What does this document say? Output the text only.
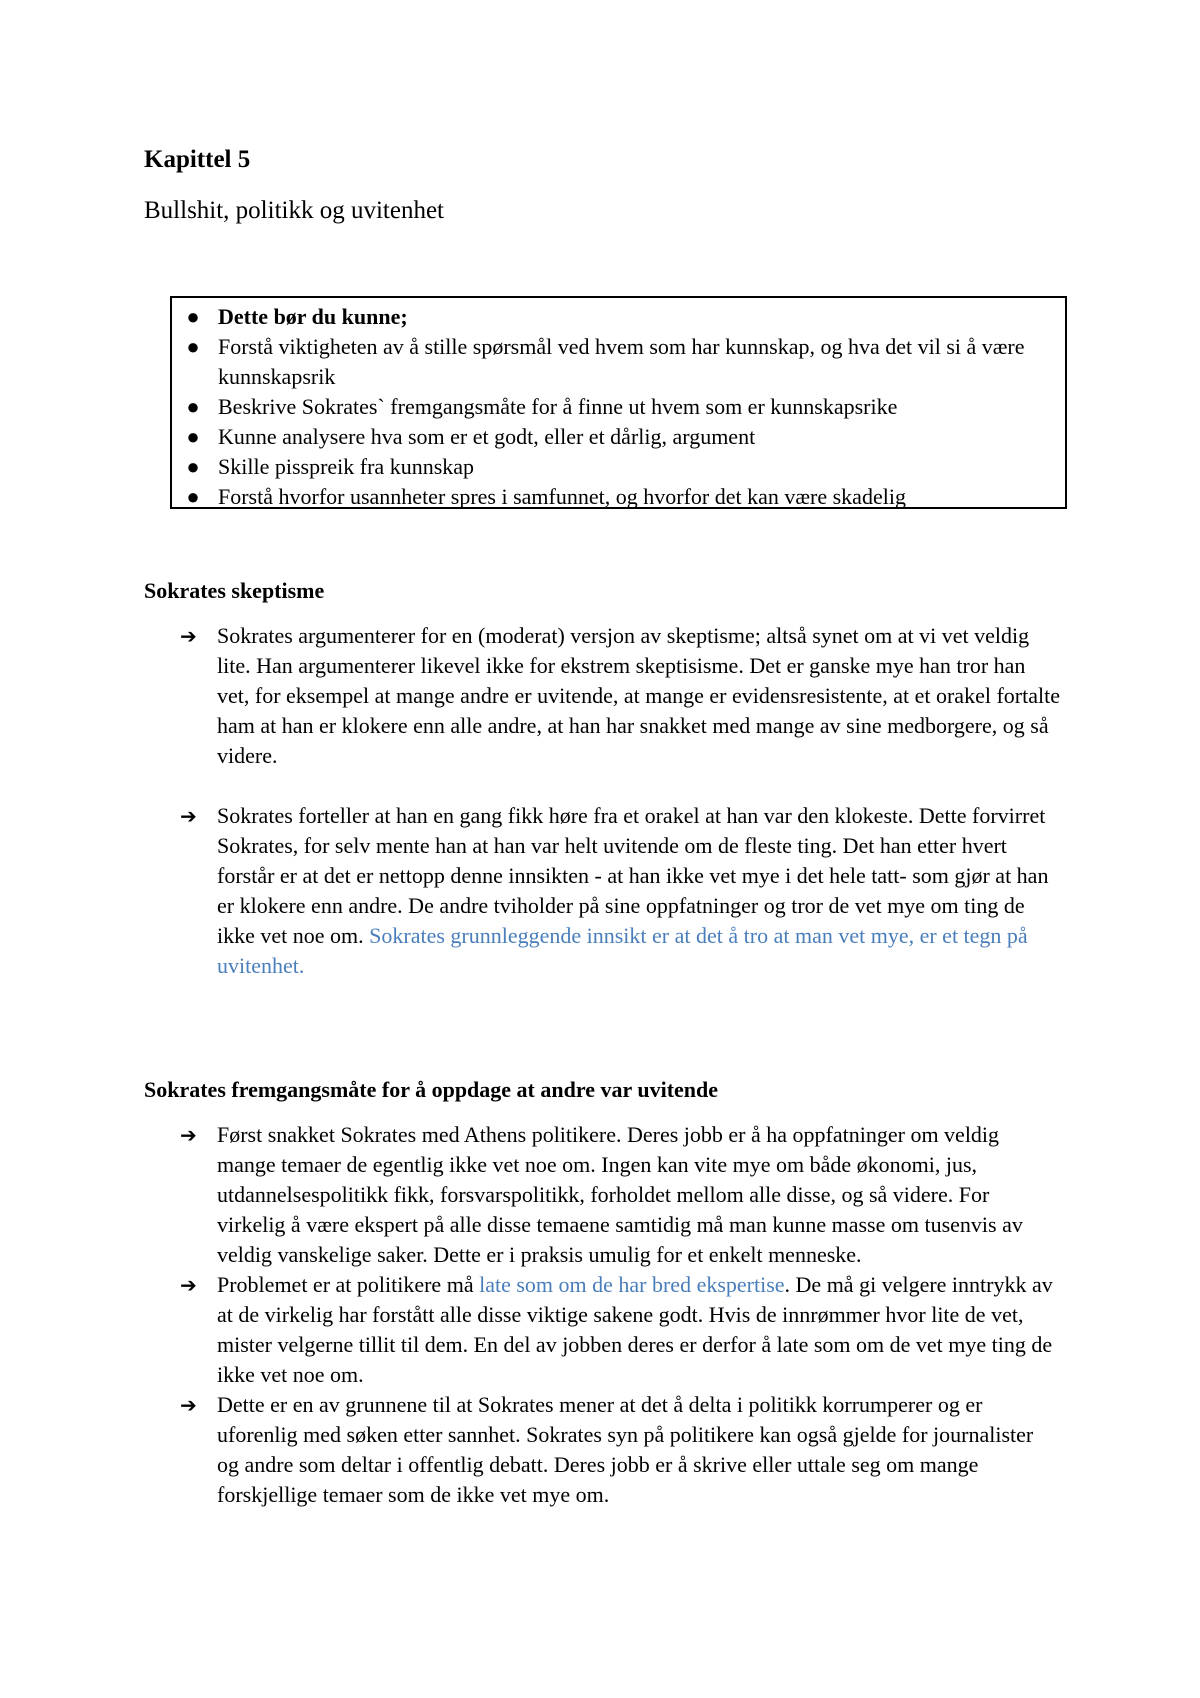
Kapittel 5
Bullshit, politikk og uvitenhet
● Dette bør du kunne;
● Forstå viktigheten av å stille spørsmål ved hvem som har kunnskap, og hva det vil si å være kunnskapsrik
● Beskrive Sokrates` fremgangsmåte for å finne ut hvem som er kunnskapsrike
● Kunne analysere hva som er et godt, eller et dårlig, argument
● Skille pisspreik fra kunnskap
● Forstå hvorfor usannheter spres i samfunnet, og hvorfor det kan være skadelig
Sokrates skeptisme
➔ Sokrates argumenterer for en (moderat) versjon av skeptisme; altså synet om at vi vet veldig lite. Han argumenterer likevel ikke for ekstrem skeptisisme. Det er ganske mye han tror han vet, for eksempel at mange andre er uvitende, at mange er evidensresistente, at et orakel fortalte ham at han er klokere enn alle andre, at han har snakket med mange av sine medborgere, og så videre.
➔ Sokrates forteller at han en gang fikk høre fra et orakel at han var den klokeste. Dette forvirret Sokrates, for selv mente han at han var helt uvitende om de fleste ting. Det han etter hvert forstår er at det er nettopp denne innsikten - at han ikke vet mye i det hele tatt- som gjør at han er klokere enn andre. De andre tviholder på sine oppfatninger og tror de vet mye om ting de ikke vet noe om. Sokrates grunnleggende innsikt er at det å tro at man vet mye, er et tegn på uvitenhet.
Sokrates fremgangsmåte for å oppdage at andre var uvitende
➔ Først snakket Sokrates med Athens politikere. Deres jobb er å ha oppfatninger om veldig mange temaer de egentlig ikke vet noe om. Ingen kan vite mye om både økonomi, jus, utdannelsespolitikk fikk, forsvarspolitikk, forholdet mellom alle disse, og så videre. For virkelig å være ekspert på alle disse temaene samtidig må man kunne masse om tusenvis av veldig vanskelige saker. Dette er i praksis umulig for et enkelt menneske.
➔ Problemet er at politikere må late som om de har bred ekspertise. De må gi velgere inntrykk av at de virkelig har forstått alle disse viktige sakene godt. Hvis de innrømmer hvor lite de vet, mister velgerne tillit til dem. En del av jobben deres er derfor å late som om de vet mye ting de ikke vet noe om.
➔ Dette er en av grunnene til at Sokrates mener at det å delta i politikk korrumperer og er uforenlig med søken etter sannhet. Sokrates syn på politikere kan også gjelde for journalister og andre som deltar i offentlig debatt. Deres jobb er å skrive eller uttale seg om mange forskjellige temaer som de ikke vet mye om.
